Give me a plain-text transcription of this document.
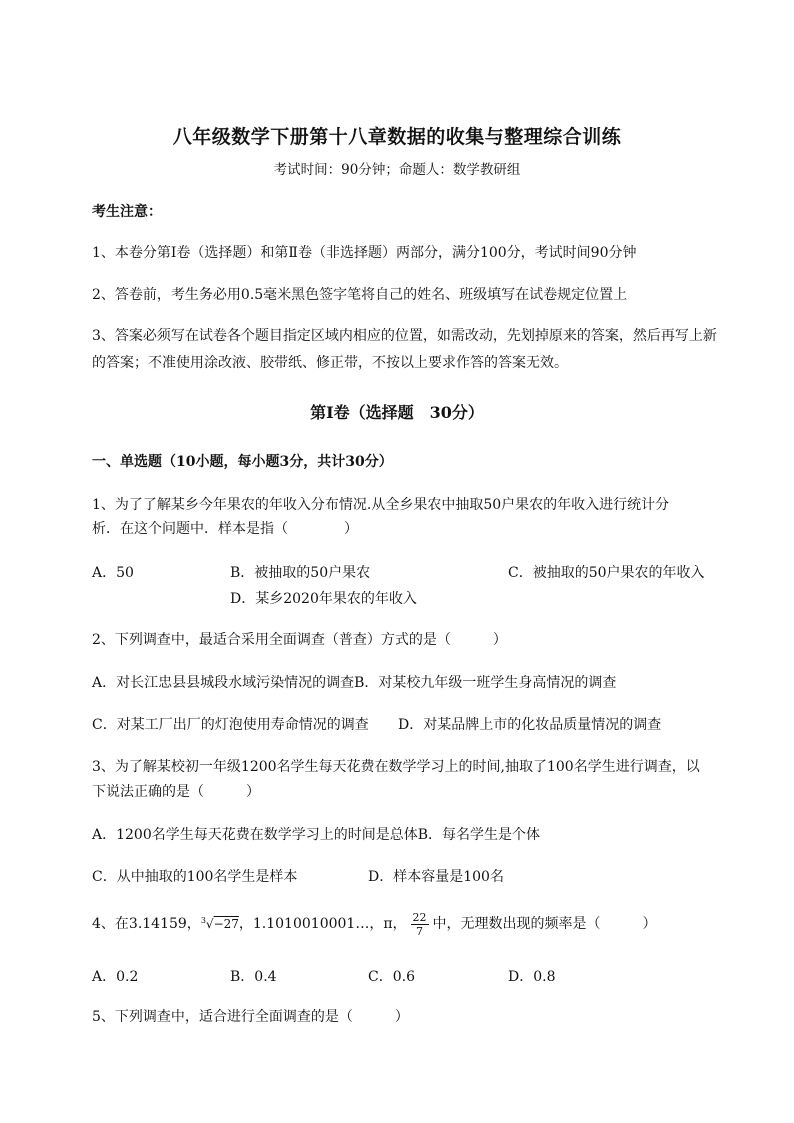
八年级数学下册第十八章数据的收集与整理综合训练
考试时间：90分钟；命题人：数学教研组
考生注意：
1、本卷分第I卷（选择题）和第Ⅱ卷（非选择题）两部分，满分100分，考试时间90分钟
2、答卷前，考生务必用0.5毫米黑色签字笔将自己的姓名、班级填写在试卷规定位置上
3、答案必须写在试卷各个题目指定区域内相应的位置，如需改动，先划掉原来的答案，然后再写上新
的答案；不准使用涂改液、胶带纸、修正带，不按以上要求作答的答案无效。
第I卷（选择题　30分）
一、单选题（10小题，每小题3分，共计30分）
1、为了了解某乡今年果农的年收入分布情况.从全乡果农中抽取50户果农的年收入进行统计分
析．在这个问题中．样本是指（　　　　）
A．50	B．被抽取的50户果农	C．被抽取的50户果农的年收入
D．某乡2020年果农的年收入
2、下列调查中，最适合采用全面调查（普查）方式的是（　　　）
A．对长江忠县县城段水域污染情况的调查B．对某校九年级一班学生身高情况的调查
C．对某工厂出厂的灯泡使用寿命情况的调查 D．对某品牌上市的化妆品质量情况的调查
3、为了解某校初一年级1200名学生每天花费在数学学习上的时间,抽取了100名学生进行调查，以
下说法正确的是（　　　）
A．1200名学生每天花费在数学学习上的时间是总体B．每名学生是个体
C．从中抽取的100名学生是样本	D．样本容量是100名
4、在3.14159，$^3$√−27，1.1010010001…，π， $\frac{22}{7}$ 中，无理数出现的频率是（　　　）
A．0.2	B．0.4	C．0.6	D．0.8
5、下列调查中，适合进行全面调查的是（　　　）
